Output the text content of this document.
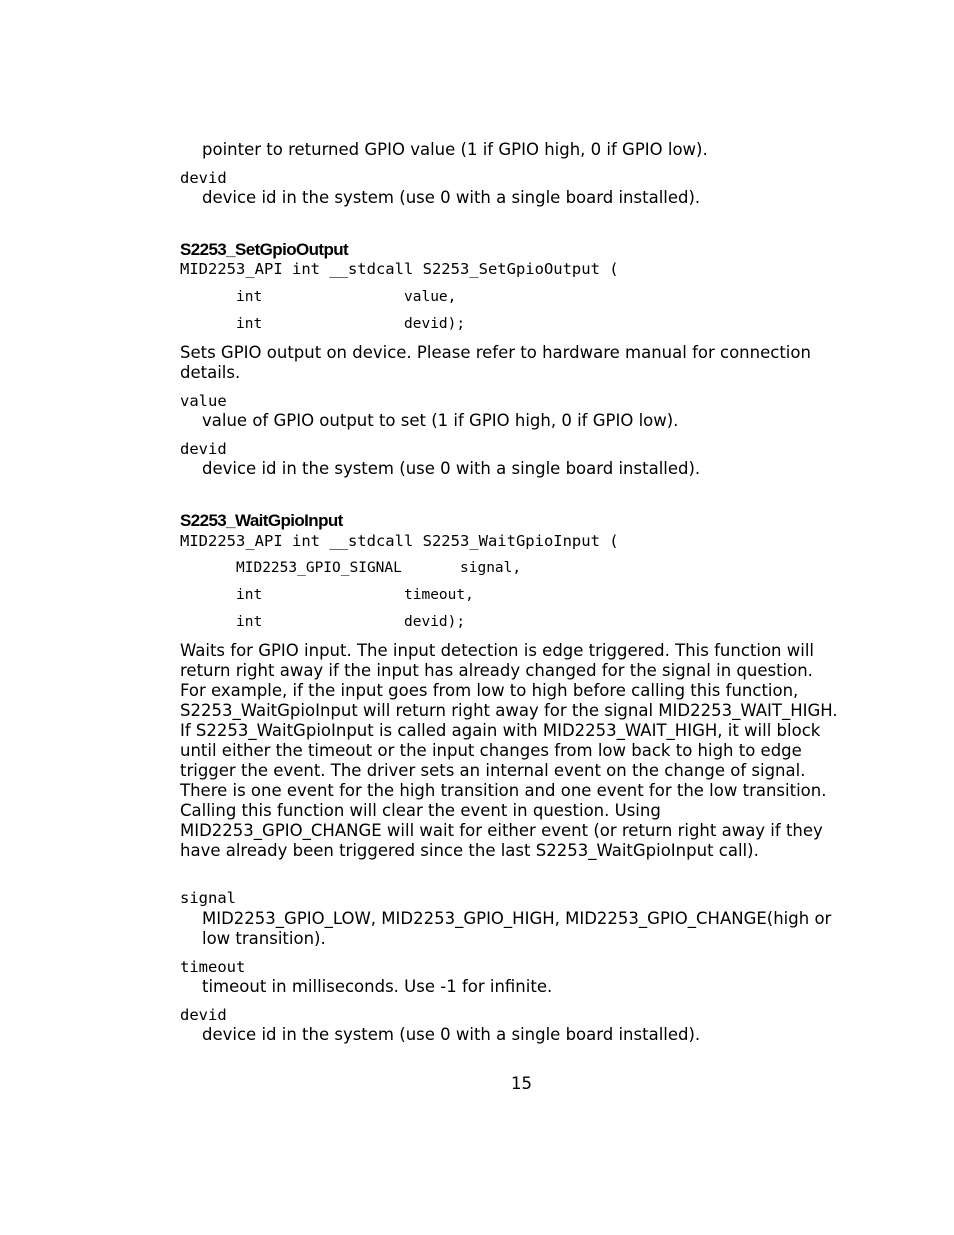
pointer to returned GPIO value (1 if GPIO high, 0 if GPIO low).
devid
device id in the system (use 0 with a single board installed).
S2253_SetGpioOutput
MID2253_API int __stdcall S2253_SetGpioOutput (
int	value,
int	devid);
Sets GPIO output on device. Please refer to hardware manual for connection
details.
value
value of GPIO output to set (1 if GPIO high, 0 if GPIO low).
devid
device id in the system (use 0 with a single board installed).
S2253_WaitGpioInput
MID2253_API int __stdcall S2253_WaitGpioInput (
MID2253_GPIO_SIGNAL	signal,
int	timeout,
int	devid);
Waits for GPIO input. The input detection is edge triggered. This function will
return right away if the input has already changed for the signal in question.
For example, if the input goes from low to high before calling this function,
S2253_WaitGpioInput will return right away for the signal MID2253_WAIT_HIGH.
If S2253_WaitGpioInput is called again with MID2253_WAIT_HIGH, it will block
until either the timeout or the input changes from low back to high to edge
trigger the event. The driver sets an internal event on the change of signal.
There is one event for the high transition and one event for the low transition.
Calling this function will clear the event in question. Using
MID2253_GPIO_CHANGE will wait for either event (or return right away if they
have already been triggered since the last S2253_WaitGpioInput call).
signal
MID2253_GPIO_LOW, MID2253_GPIO_HIGH, MID2253_GPIO_CHANGE(high or
low transition).
timeout
timeout in milliseconds. Use -1 for infinite.
devid
device id in the system (use 0 with a single board installed).
15
